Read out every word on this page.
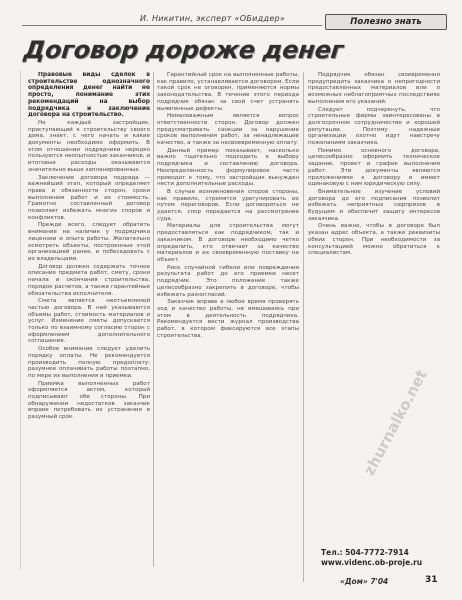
И. Никитин, эксперт «ОБиддер»	Полезно знать
Договор дороже денег

Правовые виды сделок в строительстве однозначного определения денег найти не просто, понимание этих рекомендаций на выбор подрядчика и заключение договора на строительство.

Не каждый застройщик, приступающий к строительству своего дома, знает, с чего начать и какие документы необходимо оформить. В этом отношении подрядчики нередко пользуются неопытностью заказчиков, и итоговые расходы оказываются значительно выше запланированных.

Заключение договора подряда — важнейший этап, который определяет права и обязанности сторон, сроки выполнения работ и их стоимость. Грамотно составленный договор позволяет избежать многих споров и конфликтов.

Прежде всего, следует обратить внимание на наличие у подрядчика лицензии и опыта работы. Желательно осмотреть объекты, построенные этой организацией ранее, и побеседовать с их владельцами.

Договор должен содержать точное описание предмета работ, смету, сроки начала и окончания строительства, порядок расчетов, а также гарантийные обязательства исполнителя.

Смета является неотъемлемой частью договора. В ней указываются объемы работ, стоимость материалов и услуг. Изменение сметы допускается только по взаимному согласию сторон с оформлением дополнительного соглашения.

Особое внимание следует уделить порядку оплаты. Не рекомендуется производить полную предоплату: разумнее оплачивать работы поэтапно, по мере их выполнения и приемки.

Приемка выполненных работ оформляется актом, который подписывают обе стороны. При обнаружении недостатков заказчик вправе потребовать их устранения в разумный срок.

Гарантийный срок на выполненные работы, как правило, устанавливается договором. Если такой срок не оговорен, применяются нормы законодательства. В течение этого периода подрядчик обязан за свой счет устранять выявленные дефекты.

Немаловажным является вопрос ответственности сторон. Договор должен предусматривать санкции за нарушение сроков выполнения работ, за ненадлежащее качество, а также за несвоевременную оплату.

Данный пример показывает, насколько важно тщательно подходить к выбору подрядчика и составлению договора. Неопределенность формулировок часто приводит к тому, что застройщик вынужден нести дополнительные расходы.

В случае возникновения споров стороны, как правило, стремятся урегулировать их путем переговоров. Если договориться не удается, спор передается на рассмотрение суда.

Материалы для строительства могут предоставляться как подрядчиком, так и заказчиком. В договоре необходимо четко определить, кто отвечает за качество материалов и их своевременную поставку на объект.

Риск случайной гибели или повреждения результата работ до его приемки несет подрядчик. Это положение также целесообразно закрепить в договоре, чтобы избежать разногласий.

Заказчик вправе в любое время проверять ход и качество работы, не вмешиваясь при этом в деятельность подрядчика. Рекомендуется вести журнал производства работ, в котором фиксируются все этапы строительства.

Подрядчик обязан своевременно предупредить заказчика о непригодности предоставленных материалов или о возможных неблагоприятных последствиях выполнения его указаний.

Следует подчеркнуть, что строительные фирмы заинтересованы в долгосрочном сотрудничестве и хорошей репутации. Поэтому надежные организации охотно идут навстречу пожеланиям заказчика.

Помимо основного договора, целесообразно оформить техническое задание, проект и график выполнения работ. Эти документы являются приложениями к договору и имеют одинаковую с ним юридическую силу.

Внимательное изучение условий договора до его подписания позволит избежать неприятных сюрпризов в будущем и обеспечит защиту интересов заказчика.

Очень важно, чтобы в договоре был указан адрес объекта, а также реквизиты обеих сторон. При необходимости за консультацией можно обратиться к специалистам.

Тел.: 504-7772-7914
www.videnc.ob-proje.ru
«Дом» 7'04	31
zhurnalko.net
